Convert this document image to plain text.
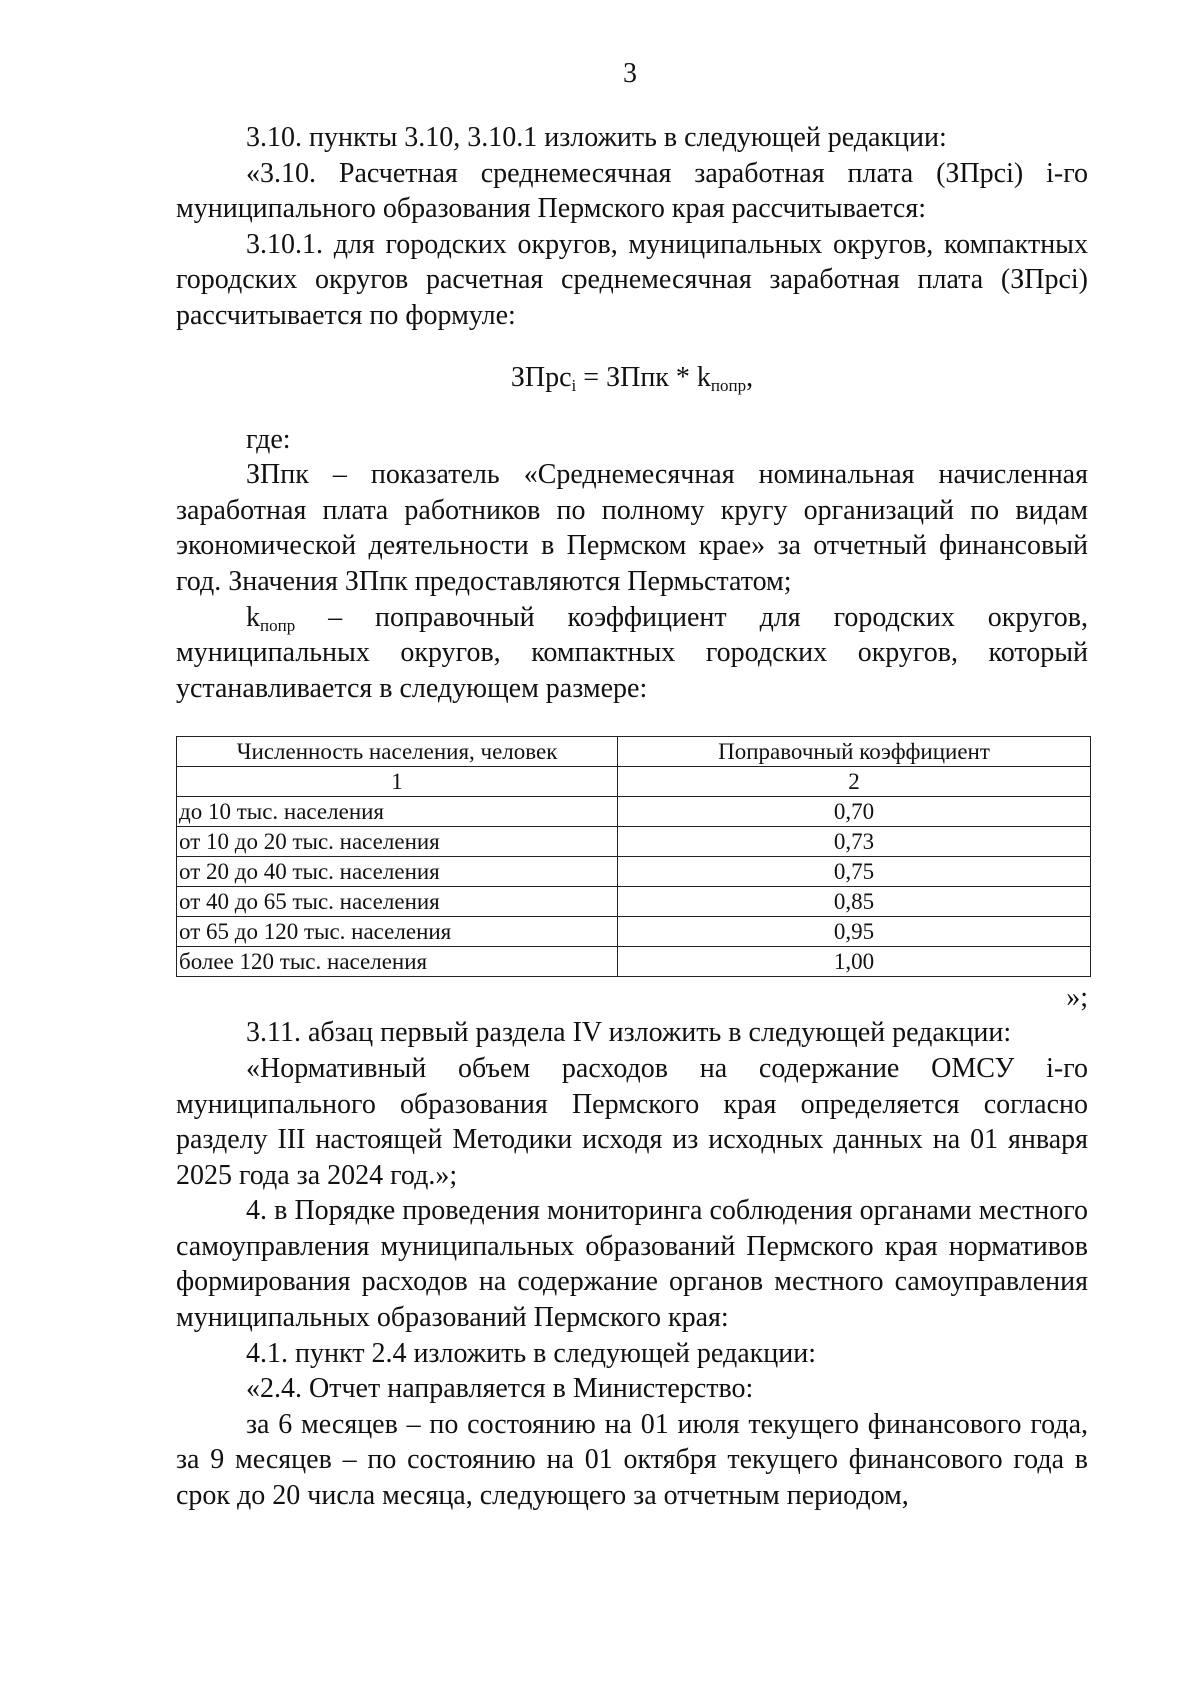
3

3.10. пункты 3.10, 3.10.1 изложить в следующей редакции:

«3.10. Расчетная среднемесячная заработная плата (ЗПрсi) i-го муниципального образования Пермского края рассчитывается:

3.10.1. для городских округов, муниципальных округов, компактных городских округов расчетная среднемесячная заработная плата (ЗПрсi) рассчитывается по формуле:

ЗПрс$_i$ = ЗПпк * $k_{попр}$,

где:

ЗПпк – показатель «Среднемесячная номинальная начисленная заработная плата работников по полному кругу организаций по видам экономической деятельности в Пермском крае» за отчетный финансовый год. Значения ЗПпк предоставляются Пермьстатом;

$k_{попр}$ – поправочный коэффициент для городских округов, муниципальных округов, компактных городских округов, который устанавливается в следующем размере:

Численность населения, человек	Поправочный коэффициент
1	2
до 10 тыс. населения	0,70
от 10 до 20 тыс. населения	0,73
от 20 до 40 тыс. населения	0,75
от 40 до 65 тыс. населения	0,85
от 65 до 120 тыс. населения	0,95
более 120 тыс. населения	1,00
»;

3.11. абзац первый раздела IV изложить в следующей редакции:

«Нормативный объем расходов на содержание ОМСУ i-го муниципального образования Пермского края определяется согласно разделу III настоящей Методики исходя из исходных данных на 01 января 2025 года за 2024 год.»;

4. в Порядке проведения мониторинга соблюдения органами местного самоуправления муниципальных образований Пермского края нормативов формирования расходов на содержание органов местного самоуправления муниципальных образований Пермского края:

4.1. пункт 2.4 изложить в следующей редакции:

«2.4. Отчет направляется в Министерство:

за 6 месяцев – по состоянию на 01 июля текущего финансового года, за 9 месяцев – по состоянию на 01 октября текущего финансового года в срок до 20 числа месяца, следующего за отчетным периодом,
